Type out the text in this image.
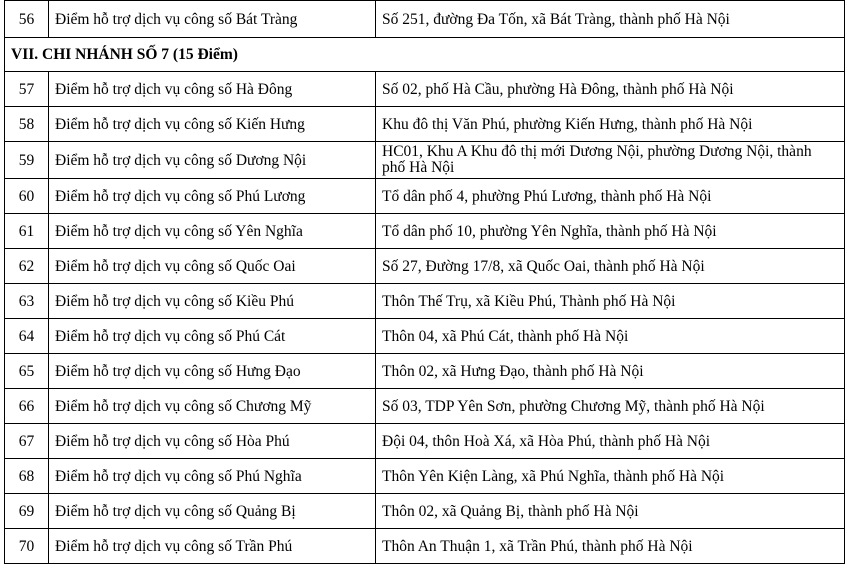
56	Điểm hỗ trợ dịch vụ công số Bát Tràng	Số 251, đường Đa Tốn, xã Bát Tràng, thành phố Hà Nội
VII. CHI NHÁNH SỐ 7 (15 Điểm)		
57	Điểm hỗ trợ dịch vụ công số Hà Đông	Số 02, phố Hà Cầu, phường Hà Đông, thành phố Hà Nội
58	Điểm hỗ trợ dịch vụ công số Kiến Hưng	Khu đô thị Văn Phú, phường Kiến Hưng, thành phố Hà Nội
59	Điểm hỗ trợ dịch vụ công số Dương Nội	HC01, Khu A Khu đô thị mới Dương Nội, phường Dương Nội, thành phố Hà Nội
60	Điểm hỗ trợ dịch vụ công số Phú Lương	Tổ dân phố 4, phường Phú Lương, thành phố Hà Nội
61	Điểm hỗ trợ dịch vụ công số Yên Nghĩa	Tổ dân phố 10, phường Yên Nghĩa, thành phố Hà Nội
62	Điểm hỗ trợ dịch vụ công số Quốc Oai	Số 27, Đường 17/8, xã Quốc Oai, thành phố Hà Nội
63	Điểm hỗ trợ dịch vụ công số Kiều Phú	Thôn Thế Trụ, xã Kiều Phú, Thành phố Hà Nội
64	Điểm hỗ trợ dịch vụ công số Phú Cát	Thôn 04, xã Phú Cát, thành phố Hà Nội
65	Điểm hỗ trợ dịch vụ công số Hưng Đạo	Thôn 02, xã Hưng Đạo, thành phố Hà Nội
66	Điểm hỗ trợ dịch vụ công số Chương Mỹ	Số 03, TDP Yên Sơn, phường Chương Mỹ, thành phố Hà Nội
67	Điểm hỗ trợ dịch vụ công số Hòa Phú	Đội 04, thôn Hoà Xá, xã Hòa Phú, thành phố Hà Nội
68	Điểm hỗ trợ dịch vụ công số Phú Nghĩa	Thôn Yên Kiện Làng, xã Phú Nghĩa, thành phố Hà Nội
69	Điểm hỗ trợ dịch vụ công số Quảng Bị	Thôn 02, xã Quảng Bị, thành phố Hà Nội
70	Điểm hỗ trợ dịch vụ công số Trần Phú	Thôn An Thuận 1, xã Trần Phú, thành phố Hà Nội
